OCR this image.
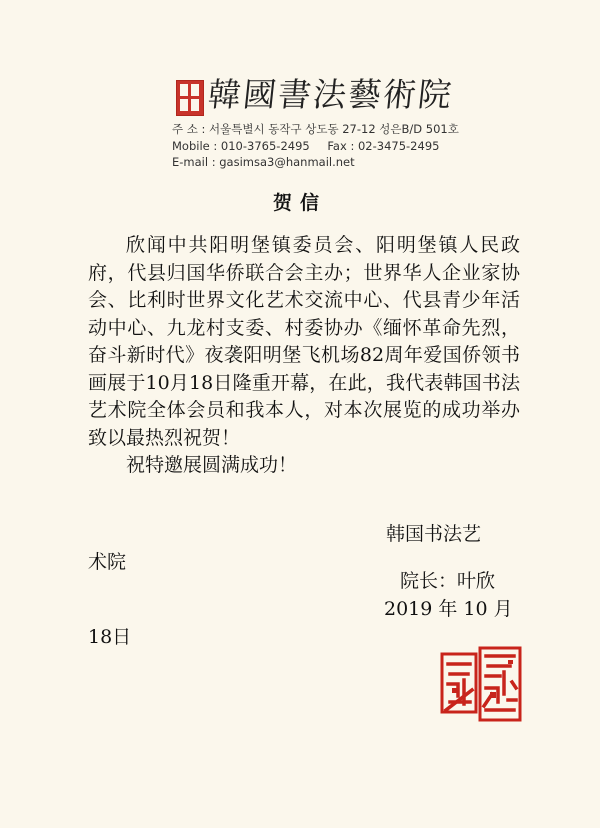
韓國書法藝術院
주 소 : 서울특별시 동작구 상도동 27-12 성은B/D 501호
Mobile : 010-3765-2495 Fax : 02-3475-2495
E-mail : gasimsa3@hanmail.net
贺信

欣闻中共阳明堡镇委员会、阳明堡镇人民政府，代县归国华侨联合会主办；世界华人企业家协会、比利时世界文化艺术交流中心、代县青少年活动中心、九龙村支委、村委协办《缅怀革命先烈，奋斗新时代》夜袭阳明堡飞机场82周年爱国侨领书画展于10月18日隆重开幕，在此，我代表韩国书法艺术院全体会员和我本人，对本次展览的成功举办致以最热烈祝贺！

祝特邀展圆满成功！

韩国书法艺
术院
院长：叶欣
2019 年 10 月
18日
